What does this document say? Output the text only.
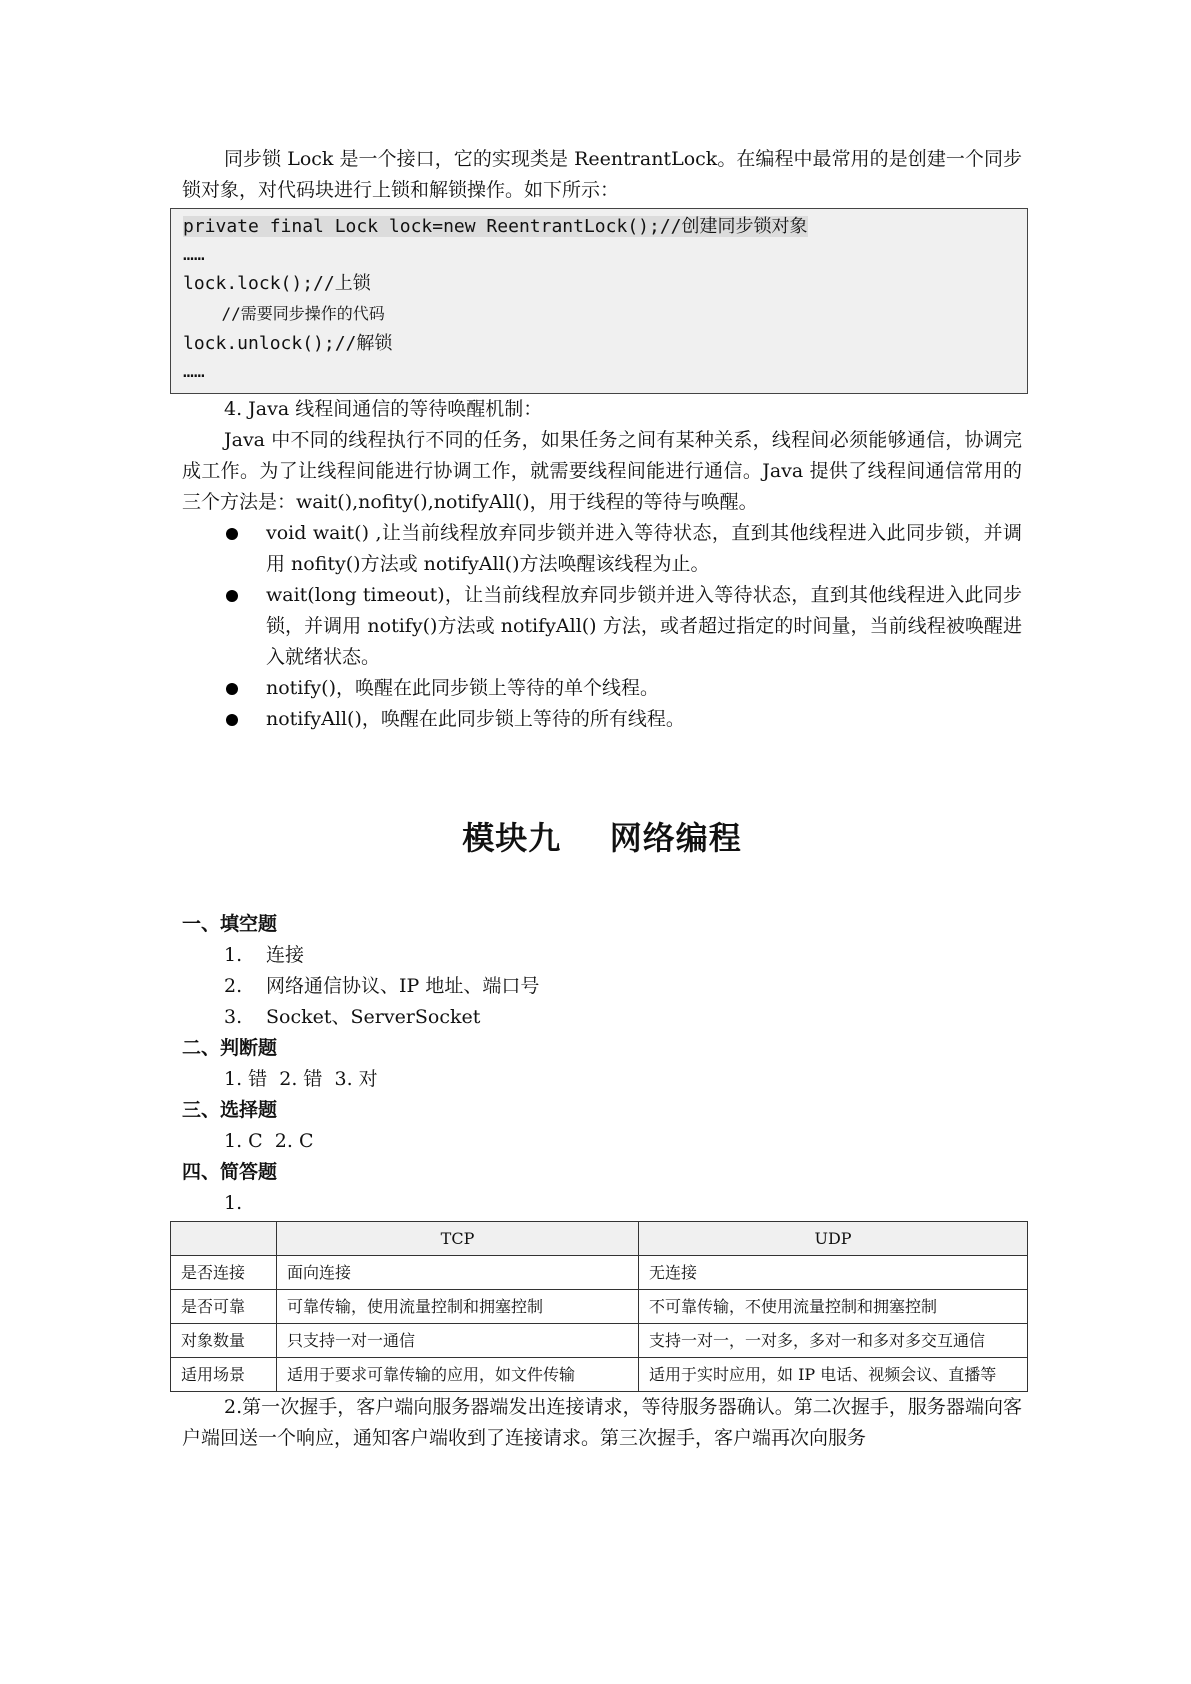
同步锁 Lock 是一个接口，它的实现类是 ReentrantLock。在编程中最常用的是创建一个同步锁对象，对代码块进行上锁和解锁操作。如下所示：

private final Lock lock=new ReentrantLock();//创建同步锁对象
……
lock.lock();//上锁
//需要同步操作的代码
lock.unlock();//解锁
……

4. Java 线程间通信的等待唤醒机制：

Java 中不同的线程执行不同的任务，如果任务之间有某种关系，线程间必须能够通信，协调完成工作。为了让线程间能进行协调工作，就需要线程间能进行通信。Java 提供了线程间通信常用的三个方法是：wait(),nofity(),notifyAll()，用于线程的等待与唤醒。

void wait() ,让当前线程放弃同步锁并进入等待状态，直到其他线程进入此同步锁，并调用 nofity()方法或 notifyAll()方法唤醒该线程为止。
wait(long timeout)，让当前线程放弃同步锁并进入等待状态，直到其他线程进入此同步锁，并调用 notify()方法或 notifyAll() 方法，或者超过指定的时间量，当前线程被唤醒进入就绪状态。
notify()，唤醒在此同步锁上等待的单个线程。
notifyAll()，唤醒在此同步锁上等待的所有线程。
模块九    网络编程
一、填空题
1. 连接
2. 网络通信协议、IP 地址、端口号
3. Socket、ServerSocket
二、判断题
1. 错  2. 错  3. 对
三、选择题
1. C  2. C
四、简答题
1.
	TCP	UDP
是否连接	面向连接	无连接
是否可靠	可靠传输，使用流量控制和拥塞控制	不可靠传输，不使用流量控制和拥塞控制
对象数量	只支持一对一通信	支持一对一，一对多，多对一和多对多交互通信
适用场景	适用于要求可靠传输的应用，如文件传输	适用于实时应用，如 IP 电话、视频会议、直播等

2.第一次握手，客户端向服务器端发出连接请求，等待服务器确认。第二次握手，服务器端向客户端回送一个响应，通知客户端收到了连接请求。第三次握手，客户端再次向服务
